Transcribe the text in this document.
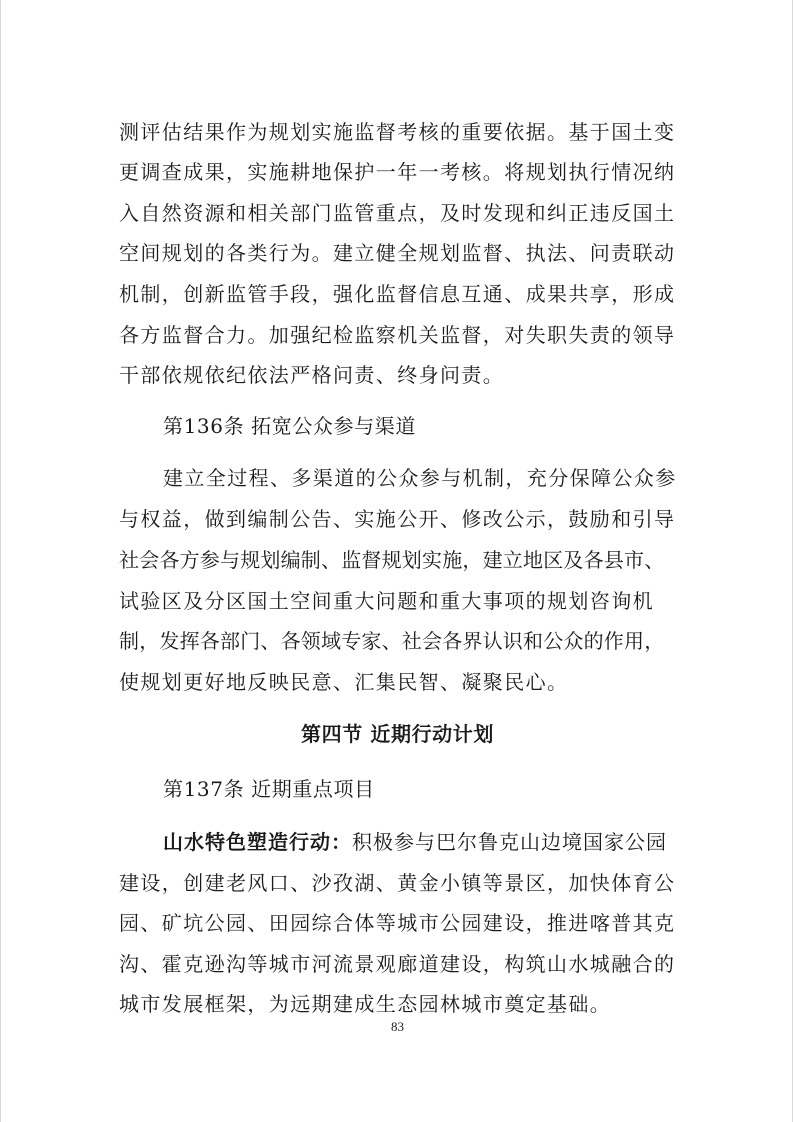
测评估结果作为规划实施监督考核的重要依据。基于国土变
更调查成果，实施耕地保护一年一考核。将规划执行情况纳
入自然资源和相关部门监管重点，及时发现和纠正违反国土
空间规划的各类行为。建立健全规划监督、执法、问责联动
机制，创新监管手段，强化监督信息互通、成果共享，形成
各方监督合力。加强纪检监察机关监督，对失职失责的领导
干部依规依纪依法严格问责、终身问责。
第136条 拓宽公众参与渠道
建立全过程、多渠道的公众参与机制，充分保障公众参
与权益，做到编制公告、实施公开、修改公示，鼓励和引导
社会各方参与规划编制、监督规划实施，建立地区及各县市、
试验区及分区国土空间重大问题和重大事项的规划咨询机
制，发挥各部门、各领域专家、社会各界认识和公众的作用，
使规划更好地反映民意、汇集民智、凝聚民心。
第四节 近期行动计划
第137条 近期重点项目
山水特色塑造行动：积极参与巴尔鲁克山边境国家公园
建设，创建老风口、沙孜湖、黄金小镇等景区，加快体育公
园、矿坑公园、田园综合体等城市公园建设，推进喀普其克
沟、霍克逊沟等城市河流景观廊道建设，构筑山水城融合的
城市发展框架，为远期建成生态园林城市奠定基础。
83
